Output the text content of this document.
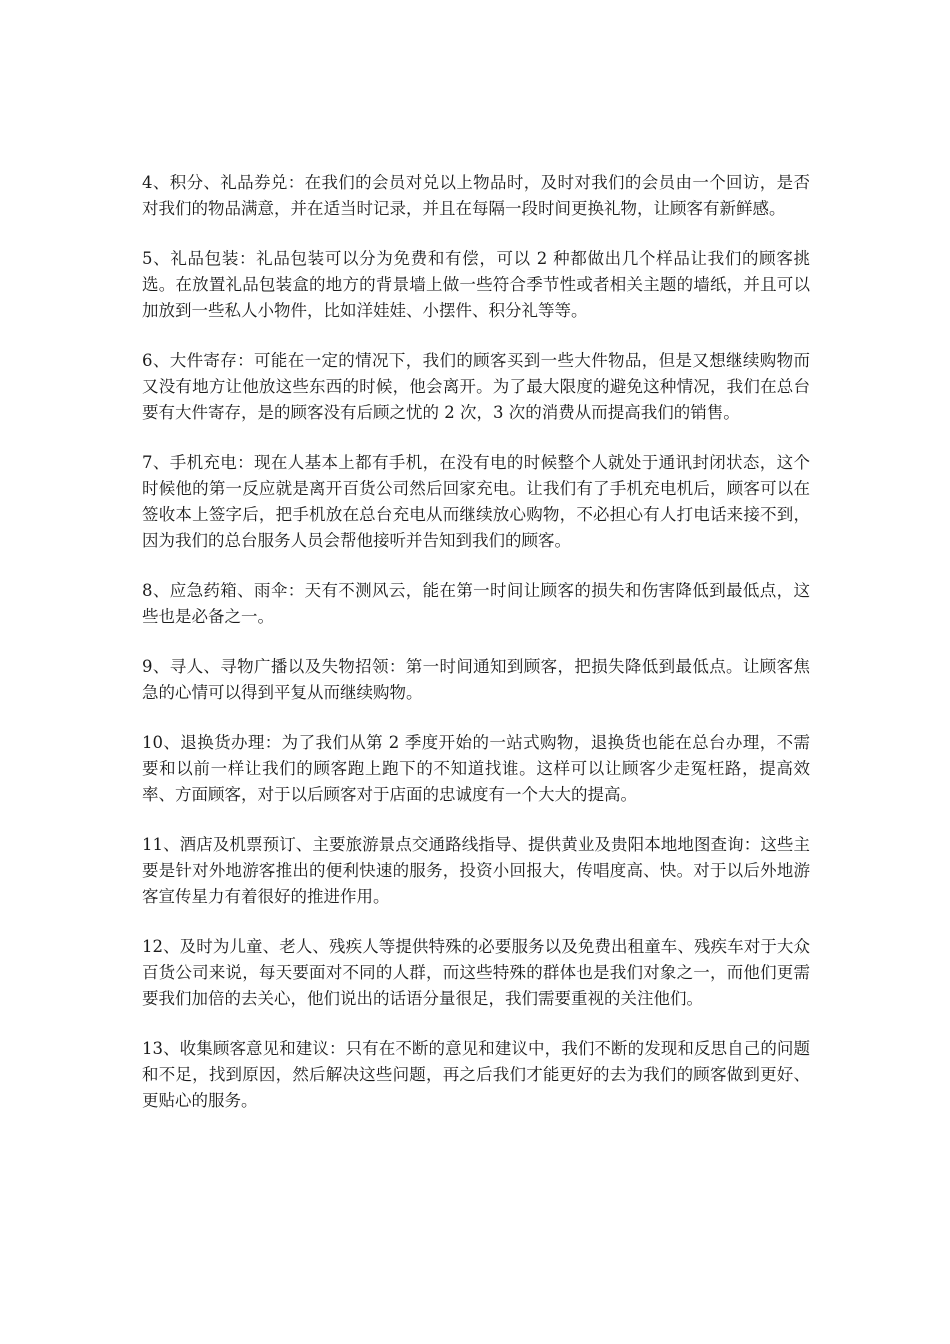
4、积分、礼品券兑：在我们的会员对兑以上物品时，及时对我们的会员由一个回访，是否对我们的物品满意，并在适当时记录，并且在每隔一段时间更换礼物，让顾客有新鲜感。

5、礼品包装：礼品包装可以分为免费和有偿，可以 2 种都做出几个样品让我们的顾客挑选。在放置礼品包装盒的地方的背景墙上做一些符合季节性或者相关主题的墙纸，并且可以加放到一些私人小物件，比如洋娃娃、小摆件、积分礼等等。

6、大件寄存：可能在一定的情况下，我们的顾客买到一些大件物品，但是又想继续购物而又没有地方让他放这些东西的时候，他会离开。为了最大限度的避免这种情况，我们在总台要有大件寄存，是的顾客没有后顾之忧的 2 次，3 次的消费从而提高我们的销售。

7、手机充电：现在人基本上都有手机，在没有电的时候整个人就处于通讯封闭状态，这个时候他的第一反应就是离开百货公司然后回家充电。让我们有了手机充电机后，顾客可以在签收本上签字后，把手机放在总台充电从而继续放心购物，不必担心有人打电话来接不到，因为我们的总台服务人员会帮他接听并告知到我们的顾客。

8、应急药箱、雨伞：天有不测风云，能在第一时间让顾客的损失和伤害降低到最低点，这些也是必备之一。

9、寻人、寻物广播以及失物招领：第一时间通知到顾客，把损失降低到最低点。让顾客焦急的心情可以得到平复从而继续购物。

10、退换货办理：为了我们从第 2 季度开始的一站式购物，退换货也能在总台办理，不需要和以前一样让我们的顾客跑上跑下的不知道找谁。这样可以让顾客少走冤枉路，提高效率、方面顾客，对于以后顾客对于店面的忠诚度有一个大大的提高。

11、酒店及机票预订、主要旅游景点交通路线指导、提供黄业及贵阳本地地图查询：这些主要是针对外地游客推出的便利快速的服务，投资小回报大，传唱度高、快。对于以后外地游客宣传星力有着很好的推进作用。

12、及时为儿童、老人、残疾人等提供特殊的必要服务以及免费出租童车、残疾车对于大众百货公司来说，每天要面对不同的人群，而这些特殊的群体也是我们对象之一，而他们更需要我们加倍的去关心，他们说出的话语分量很足，我们需要重视的关注他们。

13、收集顾客意见和建议：只有在不断的意见和建议中，我们不断的发现和反思自己的问题和不足，找到原因，然后解决这些问题，再之后我们才能更好的去为我们的顾客做到更好、更贴心的服务。
